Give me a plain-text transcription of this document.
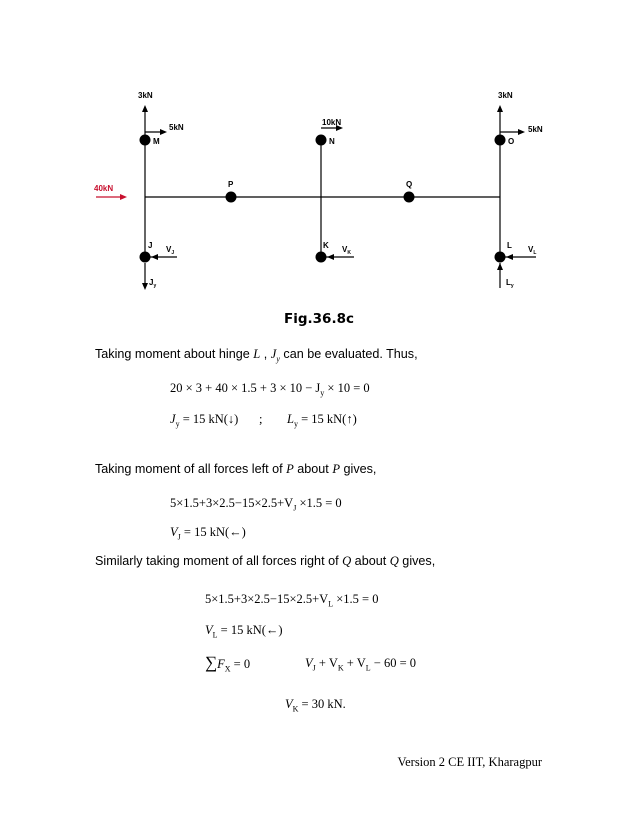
3kN
5kN
40kN
10kN
3kN
5kN
M	N	O
P	Q
J	K	L
$V_J$
$J_y$
$V_K$	$V_L$
$L_y$
Fig.36.8c
Taking moment about hinge L , $J_y$ can be evaluated. Thus,
$20 \times 3 + 40 \times 1.5 + 3 \times 10 - J_y \times 10 = 0$
$J_y = 15$ kN(↓) ; $L_y = 15$ kN(↑)
Taking moment of all forces left of P about P gives,
$5\times 1.5+3\times 2.5-15\times 2.5+V_J \times 1.5 = 0$
$V_J = 15$ kN(←)
Similarly taking moment of all forces right of Q about Q gives,
$5\times 1.5+3\times 2.5-15\times 2.5+V_L \times 1.5 = 0$
$V_L = 15$ kN(←)
$\sum F_X = 0$	$V_J + V_K + V_L - 60 = 0$
$V_K = 30$ kN.
Version 2 CE IIT, Kharagpur
